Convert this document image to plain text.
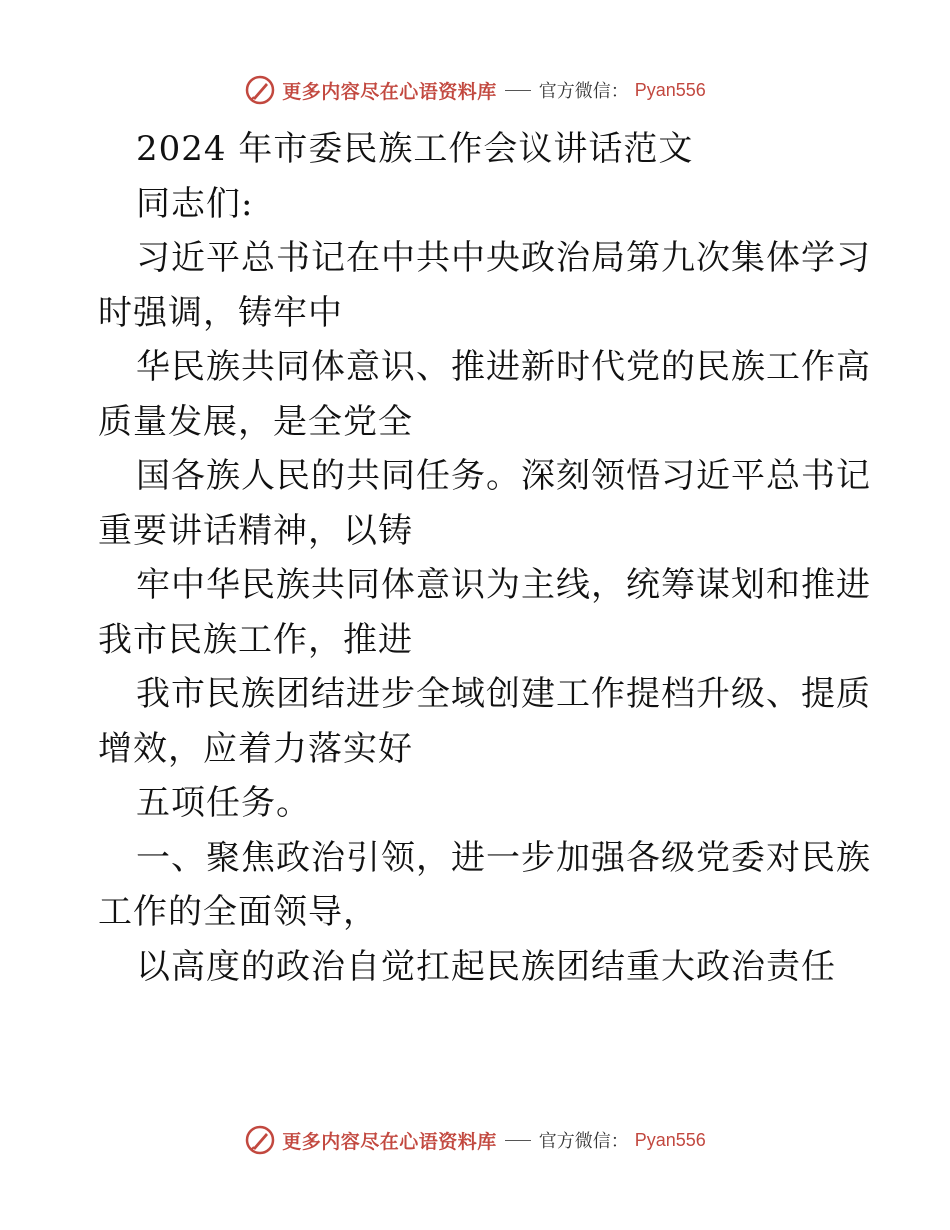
更多内容尽在心语资料库 官方微信： Pyan556
2024 年市委民族工作会议讲话范文
同志们:
习近平总书记在中共中央政治局第九次集体学习
时强调，铸牢中
华民族共同体意识、推进新时代党的民族工作高
质量发展，是全党全
国各族人民的共同任务。深刻领悟习近平总书记
重要讲话精神，以铸
牢中华民族共同体意识为主线，统筹谋划和推进
我市民族工作，推进
我市民族团结进步全域创建工作提档升级、提质
增效，应着力落实好
五项任务。
一、聚焦政治引领，进一步加强各级党委对民族
工作的全面领导，
以高度的政治自觉扛起民族团结重大政治责任
更多内容尽在心语资料库 官方微信： Pyan556
